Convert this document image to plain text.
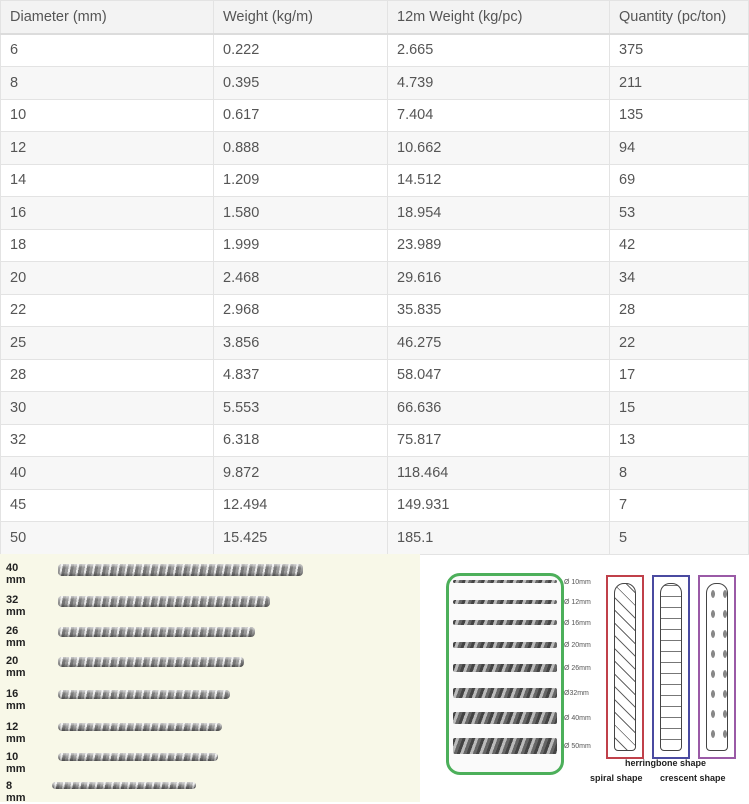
Diameter (mm)	Weight (kg/m)	12m Weight (kg/pc)	Quantity (pc/ton)
6	0.222	2.665	375
8	0.395	4.739	211
10	0.617	7.404	135
12	0.888	10.662	94
14	1.209	14.512	69
16	1.580	18.954	53
18	1.999	23.989	42
20	2.468	29.616	34
22	2.968	35.835	28
25	3.856	46.275	22
28	4.837	58.047	17
30	5.553	66.636	15
32	6.318	75.817	13
40	9.872	118.464	8
45	12.494	149.931	7
50	15.425	185.1	5
40 mm
32 mm
26 mm
20 mm
16 mm
12 mm
10 mm
8 mm
Ø 10mm
Ø 12mm
Ø 16mm
Ø 20mm
Ø 26mm
Ø32mm
Ø 40mm
Ø 50mm
herringbone shape
spiral shape crescent shape
